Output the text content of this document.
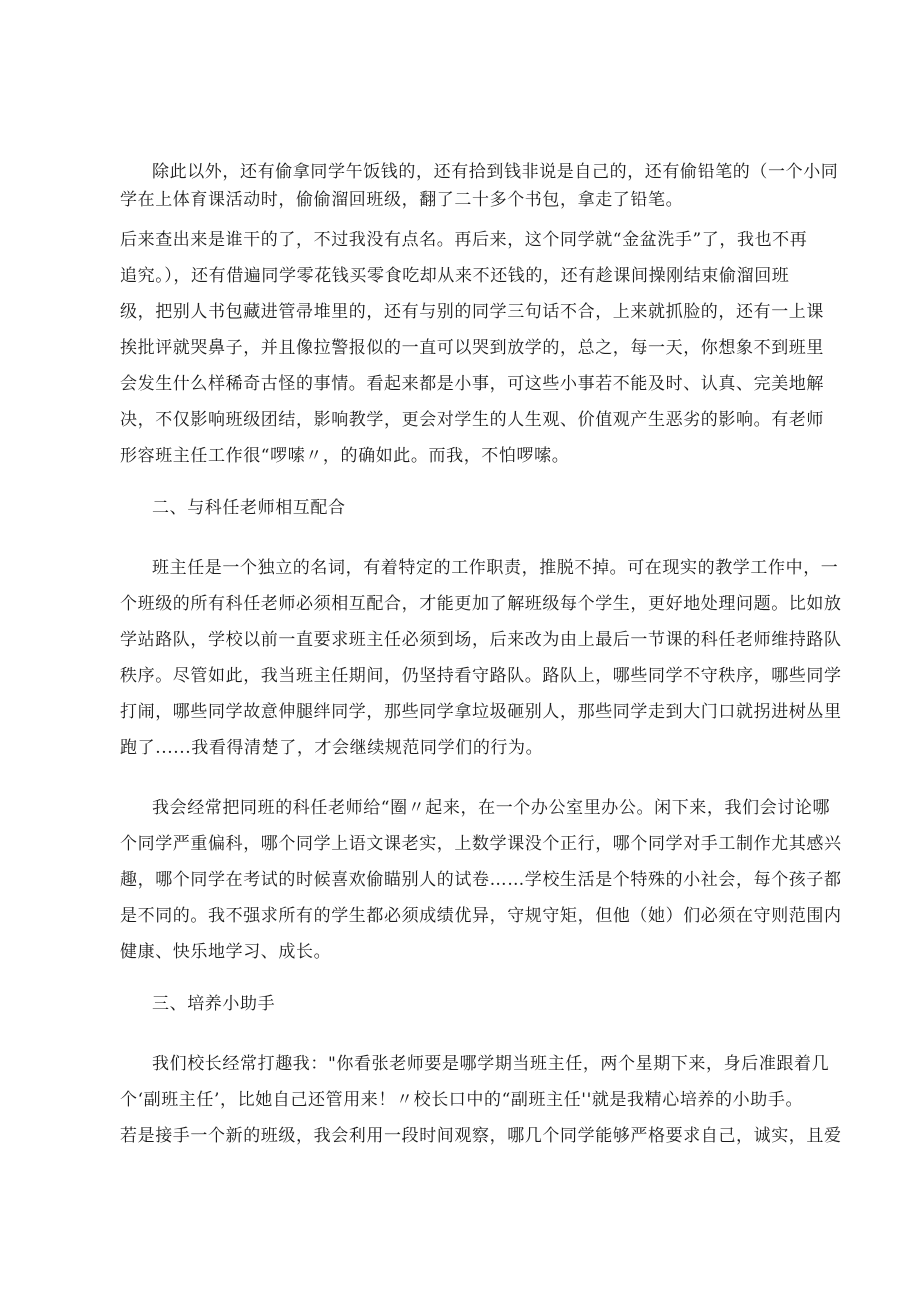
除此以外，还有偷拿同学午饭钱的，还有拾到钱非说是自己的，还有偷铅笔的（一个小同
学在上体育课活动时，偷偷溜回班级，翻了二十多个书包，拿走了铅笔。
后来查出来是谁干的了，不过我没有点名。再后来，这个同学就“金盆洗手”了，我也不再
追究。），还有借遍同学零花钱买零食吃却从来不还钱的，还有趁课间操刚结束偷溜回班
级，把别人书包藏进管帚堆里的，还有与别的同学三句话不合，上来就抓脸的，还有一上课
挨批评就哭鼻子，并且像拉警报似的一直可以哭到放学的，总之，每一天，你想象不到班里
会发生什么样稀奇古怪的事情。看起来都是小事，可这些小事若不能及时、认真、完美地解
决，不仅影响班级团结，影响教学，更会对学生的人生观、价值观产生恶劣的影响。有老师
形容班主任工作很“啰嗦〃，的确如此。而我，不怕啰嗦。
二、与科任老师相互配合
班主任是一个独立的名词，有着特定的工作职责，推脱不掉。可在现实的教学工作中，一
个班级的所有科任老师必须相互配合，才能更加了解班级每个学生，更好地处理问题。比如放
学站路队，学校以前一直要求班主任必须到场，后来改为由上最后一节课的科任老师维持路队
秩序。尽管如此，我当班主任期间，仍坚持看守路队。路队上，哪些同学不守秩序，哪些同学
打闹，哪些同学故意伸腿绊同学，那些同学拿垃圾砸别人，那些同学走到大门口就拐进树丛里
跑了......我看得清楚了，才会继续规范同学们的行为。
我会经常把同班的科任老师给“圈〃起来，在一个办公室里办公。闲下来，我们会讨论哪
个同学严重偏科，哪个同学上语文课老实，上数学课没个正行，哪个同学对手工制作尤其感兴
趣，哪个同学在考试的时候喜欢偷瞄别人的试卷……学校生活是个特殊的小社会，每个孩子都
是不同的。我不强求所有的学生都必须成绩优异，守规守矩，但他（她）们必须在守则范围内
健康、快乐地学习、成长。
三、培养小助手
我们校长经常打趣我："你看张老师要是哪学期当班主任，两个星期下来，身后准跟着几
个‘副班主任’，比她自己还管用来！〃校长口中的“副班主任''就是我精心培养的小助手。
若是接手一个新的班级，我会利用一段时间观察，哪几个同学能够严格要求自己，诚实，且爱
